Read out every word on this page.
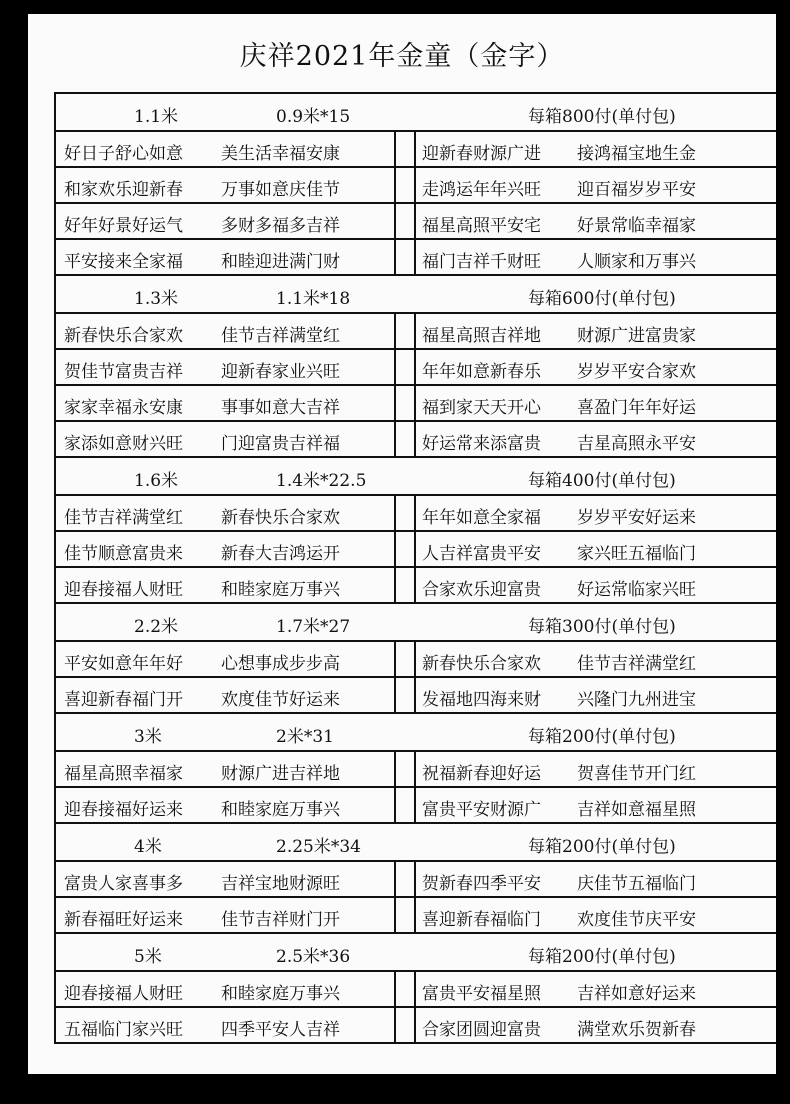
庆祥2021年金童（金字）
1.1米	0.9米*15	每箱800付(单付包)
好日子舒心如意 美生活幸福安康	迎新春财源广进 接鸿福宝地生金
和家欢乐迎新春 万事如意庆佳节	走鸿运年年兴旺 迎百福岁岁平安
好年好景好运气 多财多福多吉祥	福星高照平安宅 好景常临幸福家
平安接来全家福 和睦迎进满门财	福门吉祥千财旺 人顺家和万事兴
1.3米	1.1米*18	每箱600付(单付包)
新春快乐合家欢 佳节吉祥满堂红	福星高照吉祥地 财源广进富贵家
贺佳节富贵吉祥 迎新春家业兴旺	年年如意新春乐 岁岁平安合家欢
家家幸福永安康 事事如意大吉祥	福到家天天开心 喜盈门年年好运
家添如意财兴旺 门迎富贵吉祥福	好运常来添富贵 吉星高照永平安
1.6米	1.4米*22.5	每箱400付(单付包)
佳节吉祥满堂红 新春快乐合家欢	年年如意全家福 岁岁平安好运来
佳节顺意富贵来 新春大吉鸿运开	人吉祥富贵平安 家兴旺五福临门
迎春接福人财旺 和睦家庭万事兴	合家欢乐迎富贵 好运常临家兴旺
2.2米	1.7米*27	每箱300付(单付包)
平安如意年年好 心想事成步步高	新春快乐合家欢 佳节吉祥满堂红
喜迎新春福门开 欢度佳节好运来	发福地四海来财 兴隆门九州进宝
3米	2米*31	每箱200付(单付包)
福星高照幸福家 财源广进吉祥地	祝福新春迎好运 贺喜佳节开门红
迎春接福好运来 和睦家庭万事兴	富贵平安财源广 吉祥如意福星照
4米	2.25米*34	每箱200付(单付包)
富贵人家喜事多 吉祥宝地财源旺	贺新春四季平安 庆佳节五福临门
新春福旺好运来 佳节吉祥财门开	喜迎新春福临门 欢度佳节庆平安
5米	2.5米*36	每箱200付(单付包)
迎春接福人财旺 和睦家庭万事兴	富贵平安福星照 吉祥如意好运来
五福临门家兴旺 四季平安人吉祥	合家团圆迎富贵 满堂欢乐贺新春
